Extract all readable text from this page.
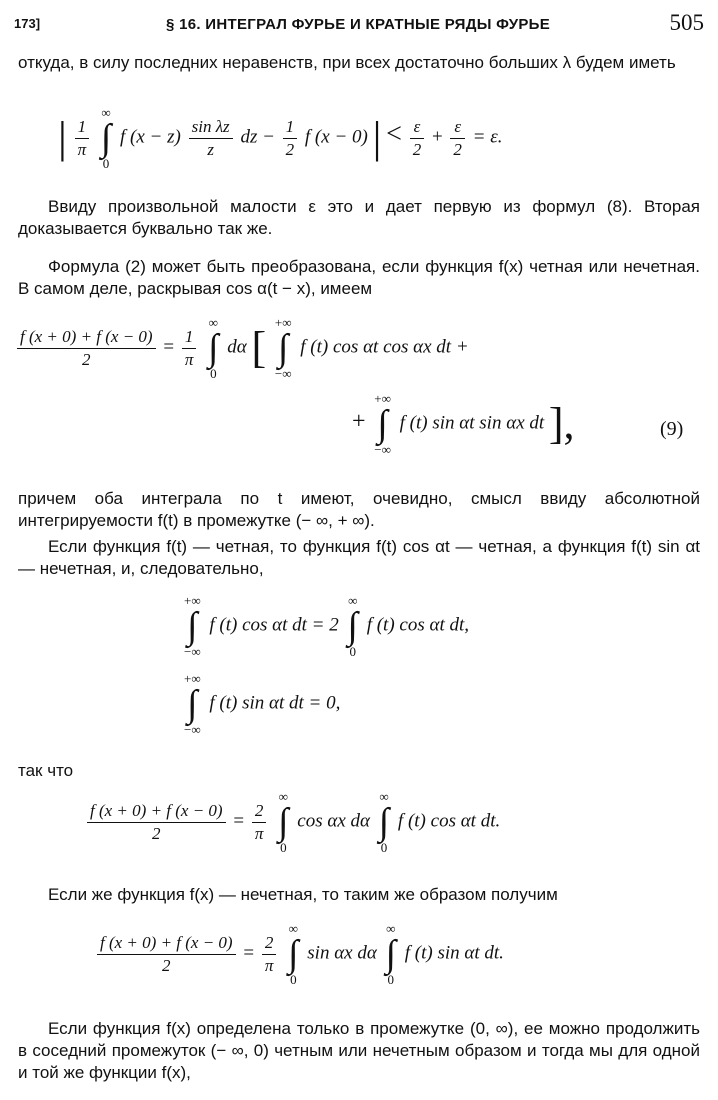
173]	§ 16. ИНТЕГРАЛ ФУРЬЕ И КРАТНЫЕ РЯДЫ ФУРЬЕ	505
откуда, в силу последних неравенств, при всех достаточно больших λ будем иметь
| $\frac{1}{\pi}$

∞
∫
0
f $(x - z) \frac{\text{sin λz}}{z}$ dz − $\frac{1}{2}$ f (x − 0) | < $\frac{\varepsilon}{2} + \frac{\varepsilon}{2} = \varepsilon$.
Ввиду произвольной малости ε это и дает первую из формул (8). Вторая доказывается буквально так же.
Формула (2) может быть преобразована, если функция f(x) четная или нечетная. В самом деле, раскрывая cos α(t − x), имеем
$\frac{f (x + 0) + f (x - 0)}{2} = \frac{1}{\pi}$

∞
∫
0
dα [
+∞
∫
−∞
f (t) cos αt cos αx dt +
+
+∞
∫
−∞
f (t) sin αt sin αx dt ],	(9)
причем оба интеграла по t имеют, очевидно, смысл ввиду абсолютной интегрируемости f(t) в промежутке (− ∞, + ∞).
Если функция f(t) — четная, то функция f(t) cos αt — четная, а функция f(t) sin αt — нечетная, и, следовательно,
+∞
∫
−∞
f (t) cos αt dt = 2
∞
∫
0
f (t) cos αt dt,
+∞
∫
−∞
f (t) sin αt dt = 0,
так что
$\frac{f (x + 0) + f (x - 0)}{2} = \frac{2}{\pi}$

∞
∫
0
cos αx dα
∞
∫
0
f (t) cos αt dt.
Если же функция f(x) — нечетная, то таким же образом получим
$\frac{f (x + 0) + f (x - 0)}{2} = \frac{2}{\pi}$

∞
∫
0
sin αx dα
∞
∫
0
f (t) sin αt dt.
Если функция f(x) определена только в промежутке (0, ∞), ее можно продолжить в соседний промежуток (− ∞, 0) четным или нечетным образом и тогда мы для одной и той же функции f(x),
